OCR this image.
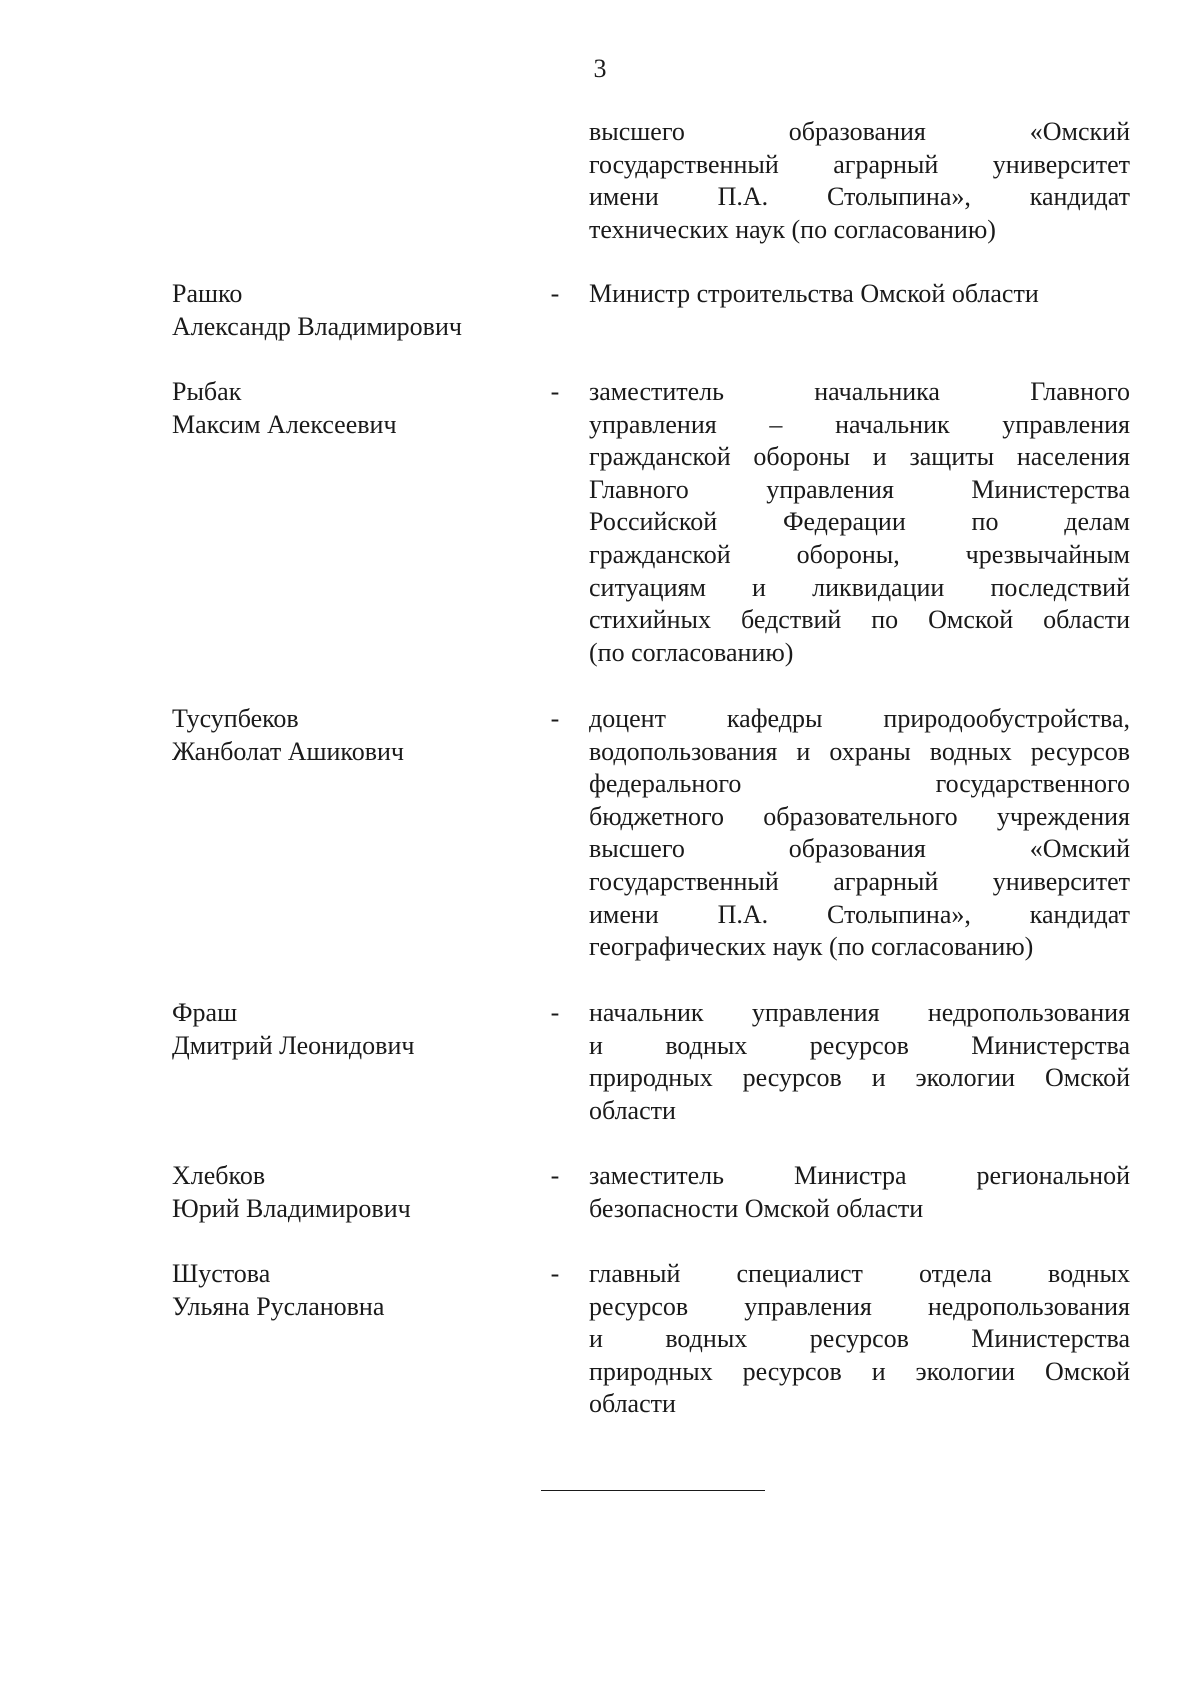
3
высшего образования «Омский
государственный аграрный университет
имени П.А. Столыпина», кандидат
технических наук (по согласованию)
Рашко
Александр Владимирович
- Министр строительства Омской области
Рыбак
Максим Алексеевич
- заместитель начальника Главного
управления – начальник управления
гражданской обороны и защиты населения
Главного управления Министерства
Российской Федерации по делам
гражданской обороны, чрезвычайным
ситуациям и ликвидации последствий
стихийных бедствий по Омской области
(по согласованию)
Тусупбеков
Жанболат Ашикович
- доцент кафедры природообустройства,
водопользования и охраны водных ресурсов
федерального государственного
бюджетного образовательного учреждения
высшего образования «Омский
государственный аграрный университет
имени П.А. Столыпина», кандидат
географических наук (по согласованию)
Фраш
Дмитрий Леонидович
- начальник управления недропользования
и водных ресурсов Министерства
природных ресурсов и экологии Омской
области
Хлебков
Юрий Владимирович
- заместитель Министра региональной
безопасности Омской области
Шустова
Ульяна Руслановна
- главный специалист отдела водных
ресурсов управления недропользования
и водных ресурсов Министерства
природных ресурсов и экологии Омской
области
